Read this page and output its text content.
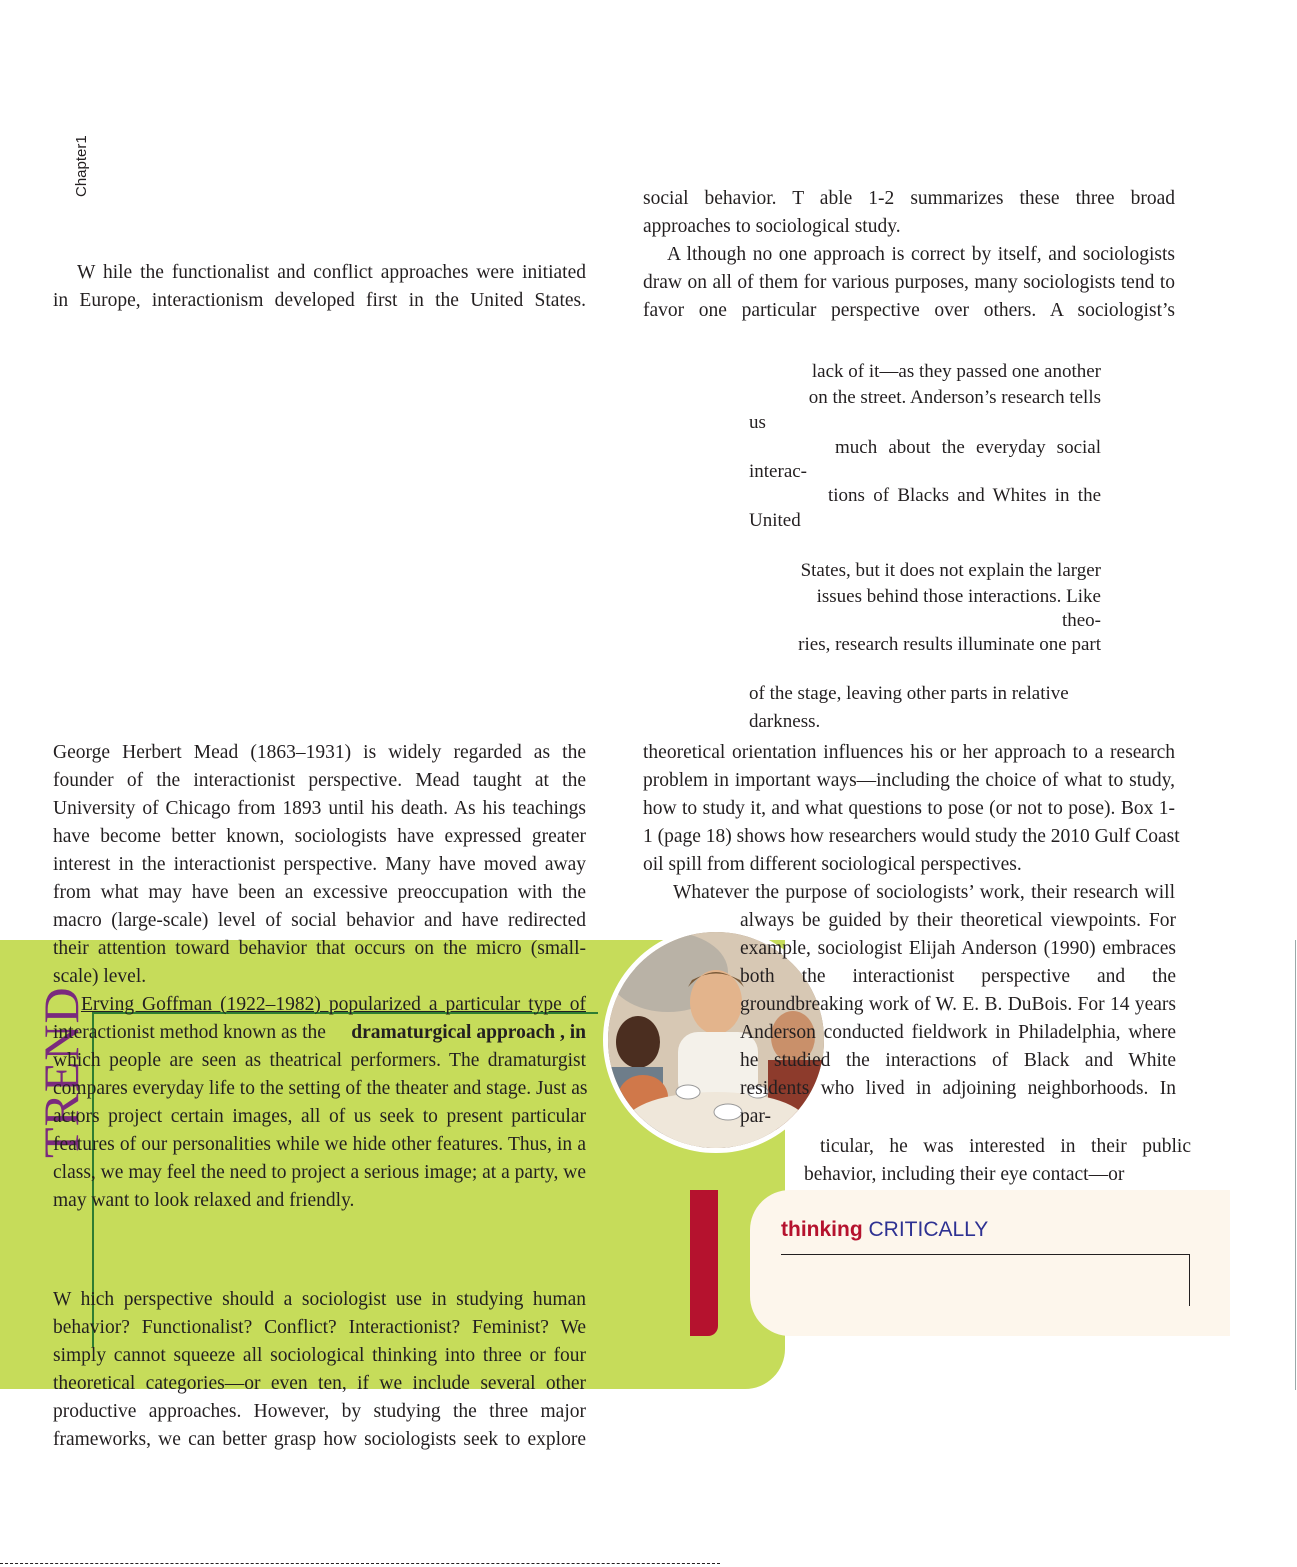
Chapter1
TREND
W hile the functionalist and conflict approaches were initiated
in Europe, interactionism developed first in the United States.
George Herbert Mead (1863–1931) is widely regarded as the
founder of the interactionist perspective. Mead taught at the
University of Chicago from 1893 until his death. As his teachings
have become better known, sociologists have expressed greater
interest in the interactionist perspective. Many have moved away
from what may have been an excessive preoccupation with the
macro (large-scale) level of social behavior and have redirected
their attention toward behavior that occurs on the micro (small-
scale) level.
Erving Goffman (1922–1982) popularized a particular type of
interactionist method known as the dramaturgical approach , in
which people are seen as theatrical performers. The dramaturgist
compares everyday life to the setting of the theater and stage. Just as
actors project certain images, all of us seek to present particular
features of our personalities while we hide other features. Thus, in a
class, we may feel the need to project a serious image; at a party, we
may want to look relaxed and friendly.
W hich perspective should a sociologist use in studying human
behavior? Functionalist? Conflict? Interactionist? Feminist? We
simply cannot squeeze all sociological thinking into three or four
theoretical categories—or even ten, if we include several other
productive approaches. However, by studying the three major
frameworks, we can better grasp how sociologists seek to explore
social behavior. T able 1-2 summarizes these three broad
approaches to sociological study.
A lthough no one approach is correct by itself, and sociologists
draw on all of them for various purposes, many sociologists tend to
favor one particular perspective over others. A sociologist’s
lack of it—as they passed one another
on the street. Anderson’s research tells
us
much about the everyday social
interac-
tions of Blacks and Whites in the
United
States, but it does not explain the larger
issues behind those interactions. Like
theo-
ries, research results illuminate one part
of the stage, leaving other parts in relative
darkness.
theoretical orientation influences his or her approach to a research
problem in important ways—including the choice of what to study,
how to study it, and what questions to pose (or not to pose). Box 1-
1 (page 18) shows how researchers would study the 2010 Gulf Coast
oil spill from different sociological perspectives.
Whatever the purpose of sociologists’ work, their research will
always be guided by their theoretical viewpoints. For
example, sociologist Elijah Anderson (1990) embraces
both the interactionist perspective and the
groundbreaking work of W. E. B. DuBois. For 14 years
Anderson conducted fieldwork in Philadelphia, where
he studied the interactions of Black and White
residents who lived in adjoining neighborhoods. In
par-
ticular, he was interested in their public
behavior, including their eye contact—or
thinking CRITICALLY
